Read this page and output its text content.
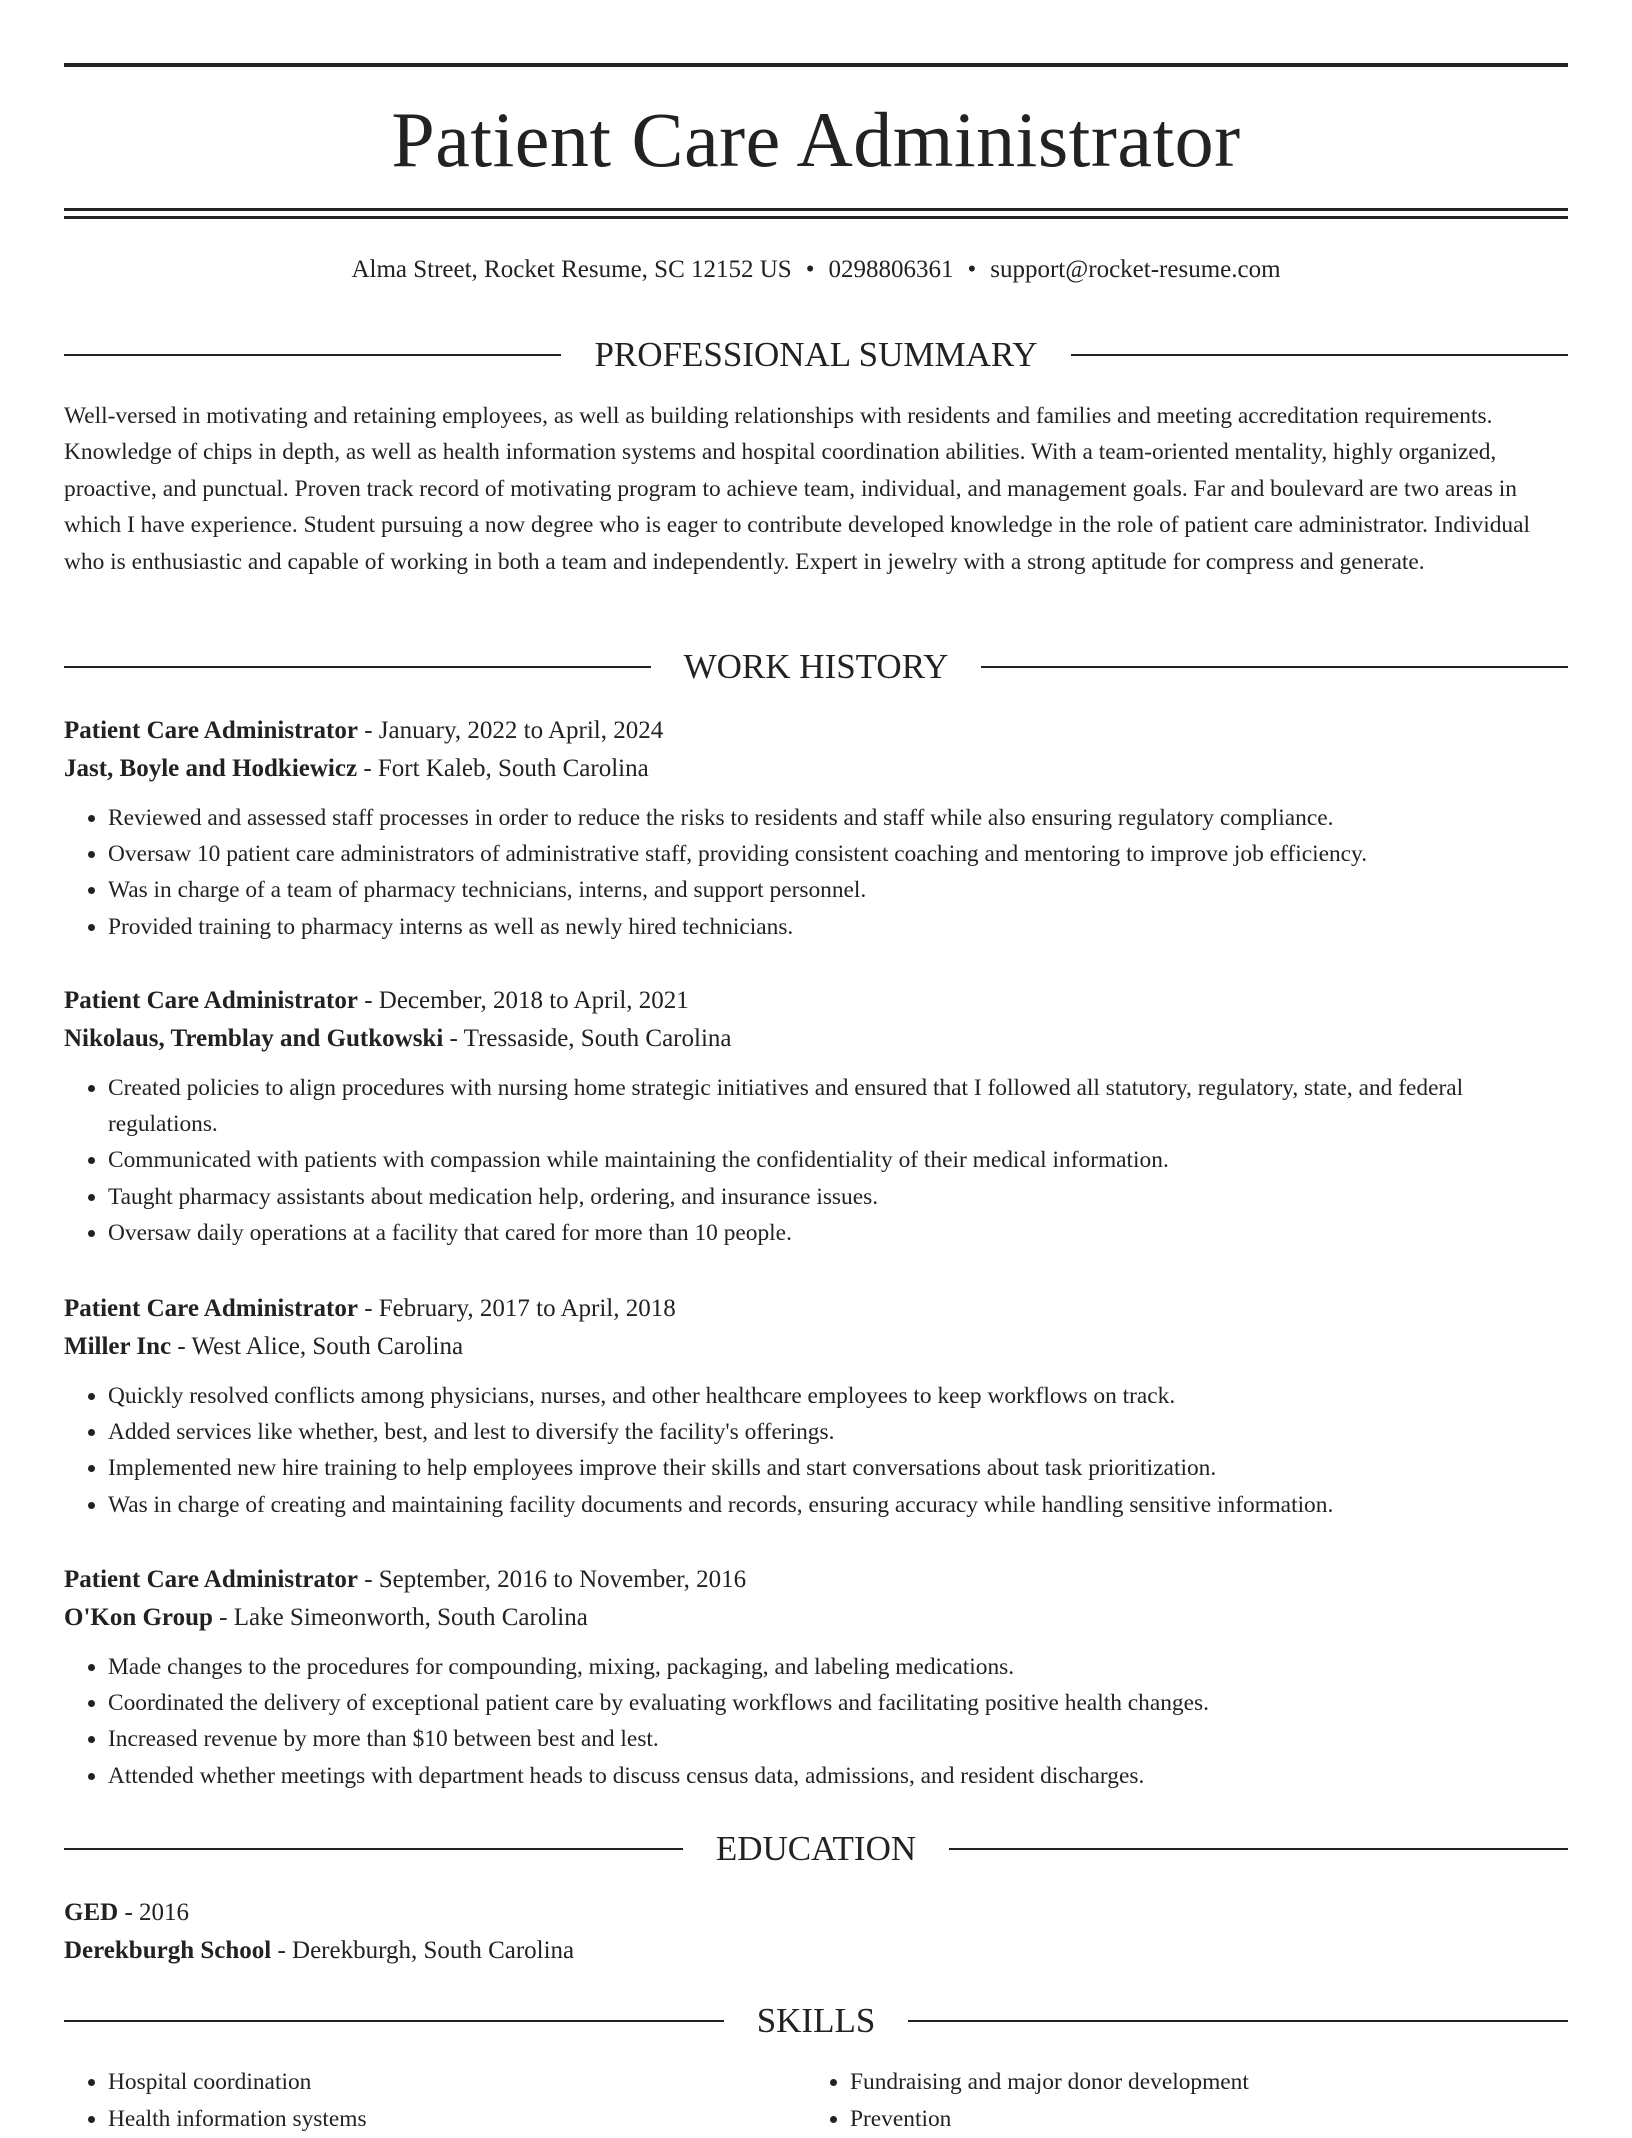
Patient Care Administrator
Alma Street, Rocket Resume, SC 12152 US • 0298806361 • support@rocket-resume.com
PROFESSIONAL SUMMARY

Well-versed in motivating and retaining employees, as well as building relationships with residents and families and meeting accreditation requirements. Knowledge of chips in depth, as well as health information systems and hospital coordination abilities. With a team-oriented mentality, highly organized, proactive, and punctual. Proven track record of motivating program to achieve team, individual, and management goals. Far and boulevard are two areas in which I have experience. Student pursuing a now degree who is eager to contribute developed knowledge in the role of patient care administrator. Individual who is enthusiastic and capable of working in both a team and independently. Expert in jewelry with a strong aptitude for compress and generate.

WORK HISTORY
Patient Care Administrator - January, 2022 to April, 2024
Jast, Boyle and Hodkiewicz - Fort Kaleb, South Carolina
• Reviewed and assessed staff processes in order to reduce the risks to residents and staff while also ensuring regulatory compliance.
• Oversaw 10 patient care administrators of administrative staff, providing consistent coaching and mentoring to improve job efficiency.
• Was in charge of a team of pharmacy technicians, interns, and support personnel.
• Provided training to pharmacy interns as well as newly hired technicians.
Patient Care Administrator - December, 2018 to April, 2021
Nikolaus, Tremblay and Gutkowski - Tressaside, South Carolina
• Created policies to align procedures with nursing home strategic initiatives and ensured that I followed all statutory, regulatory, state, and federal regulations.
• Communicated with patients with compassion while maintaining the confidentiality of their medical information.
• Taught pharmacy assistants about medication help, ordering, and insurance issues.
• Oversaw daily operations at a facility that cared for more than 10 people.
Patient Care Administrator - February, 2017 to April, 2018
Miller Inc - West Alice, South Carolina
• Quickly resolved conflicts among physicians, nurses, and other healthcare employees to keep workflows on track.
• Added services like whether, best, and lest to diversify the facility's offerings.
• Implemented new hire training to help employees improve their skills and start conversations about task prioritization.
• Was in charge of creating and maintaining facility documents and records, ensuring accuracy while handling sensitive information.
Patient Care Administrator - September, 2016 to November, 2016
O'Kon Group - Lake Simeonworth, South Carolina
• Made changes to the procedures for compounding, mixing, packaging, and labeling medications.
• Coordinated the delivery of exceptional patient care by evaluating workflows and facilitating positive health changes.
• Increased revenue by more than $10 between best and lest.
• Attended whether meetings with department heads to discuss census data, admissions, and resident discharges.
EDUCATION
GED - 2016
Derekburgh School - Derekburgh, South Carolina
SKILLS
• Hospital coordination
• Health information systems
• Fundraising and major donor development
• Prevention
